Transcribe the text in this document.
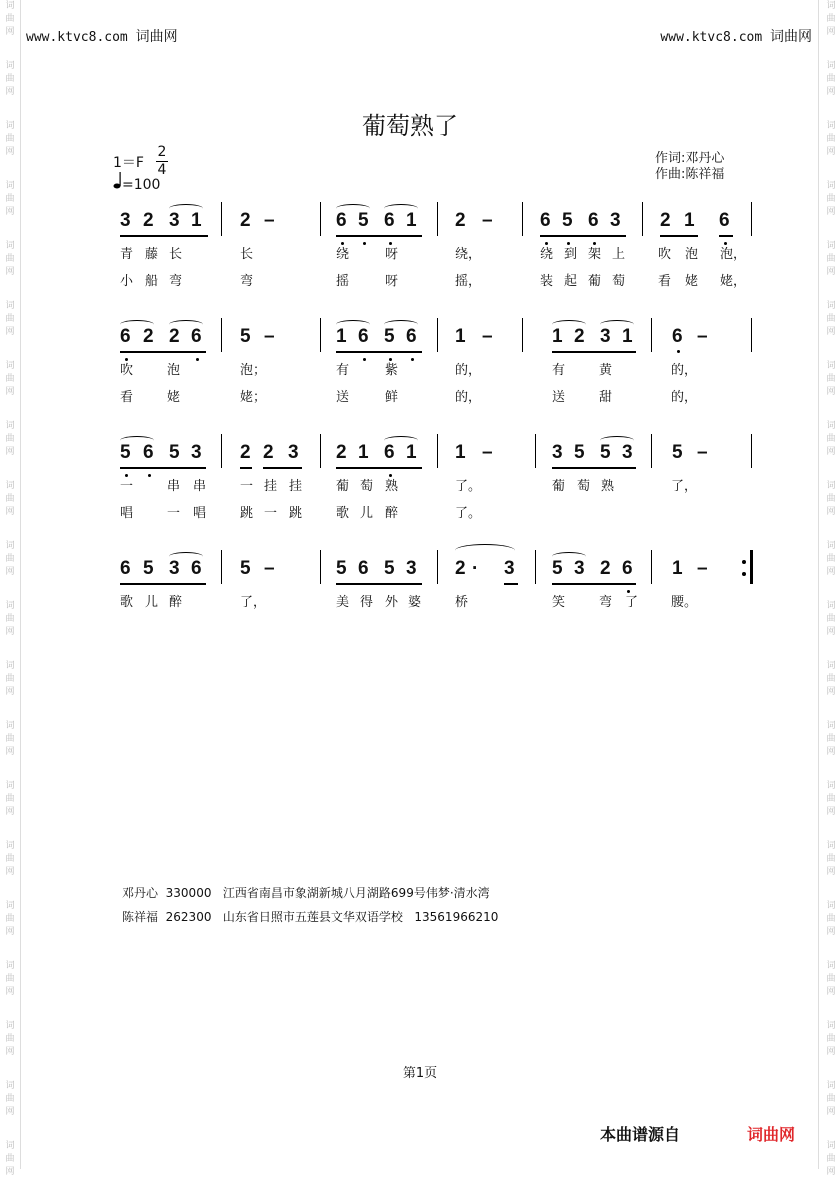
词
曲
网
词
曲
网
词
曲
网
词
曲
网
词
曲
网
词
曲
网
词
曲
网
词
曲
网
词
曲
网
词
曲
网
词
曲
网
词
曲
网
词
曲
网
词
曲
网
词
曲
网
词
曲
网
词
曲
网
词
曲
网
词
曲
网
词
曲
网
词
曲
网
词
曲
网
词
曲
网
词
曲
网
词
曲
网
词
曲
网
词
曲
网
词
曲
网
词
曲
网
词
曲
网
词
曲
网
词
曲
网
词
曲
网
词
曲
网
词
曲
网
词
曲
网
词
曲
网
词
曲
网
词
曲
网
词
曲
网
www.ktvc8.com 词曲网	www.ktvc8.com 词曲网
葡萄熟了
1＝F
2
4
=100
作词:邓丹心
作曲:陈祥福
3 2 3 1 2 –	6 5 6 1 2 – 6 5 6 3 2 1 6
青 藤 长	长	绕	呀	绕，	绕 到 架 上	吹 泡 泡，
小 船 弯	弯	摇	呀	摇，	装 起 葡 萄	看 姥 姥，
6 2 2 6 5 –	1 6 5 6 1 –	1 2 3 1 6 –
吹	泡	泡；	有	紫	的，	有	黄	的，
看	姥	姥；	送	鲜	的，	送	甜	的，
5 6 5 3 2 2 3 2 1 6 1 1 –	3 5 5 3 5 –
一	串 串	一 挂 挂	葡 萄 熟	了。	葡 萄 熟	了，
唱	一 唱	跳 一 跳	歌 儿 醉	了。
6 5 3 6 5 –	5 6 5 3 2 · 3 5 3 2 6 1 –
歌 儿 醉	了，	美 得 外 婆	桥	笑	弯 了	腰。
邓丹心 330000 江西省南昌市象湖新城八月湖路699号伟梦·清水湾
陈祥福 262300 山东省日照市五莲县文华双语学校 13561966210
第1页
本曲谱源自	词曲网
